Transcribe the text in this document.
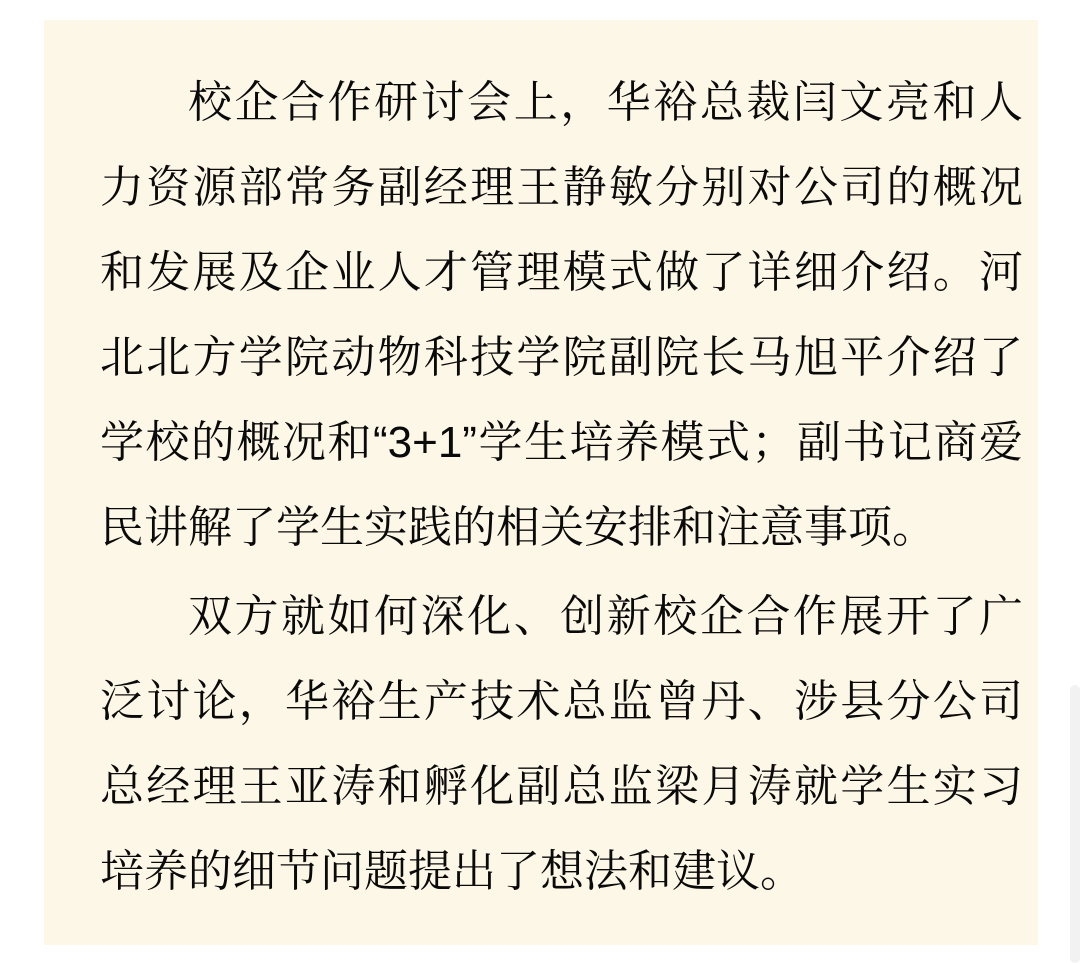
校企合作研讨会上，华裕总裁闫文亮和人力资源部常务副经理王静敏分别对公司的概况和发展及企业人才管理模式做了详细介绍。河北北方学院动物科技学院副院长马旭平介绍了学校的概况和“3+1”学生培养模式；副书记商爱民讲解了学生实践的相关安排和注意事项。

双方就如何深化、创新校企合作展开了广泛讨论，华裕生产技术总监曾丹、涉县分公司总经理王亚涛和孵化副总监梁月涛就学生实习培养的细节问题提出了想法和建议。
